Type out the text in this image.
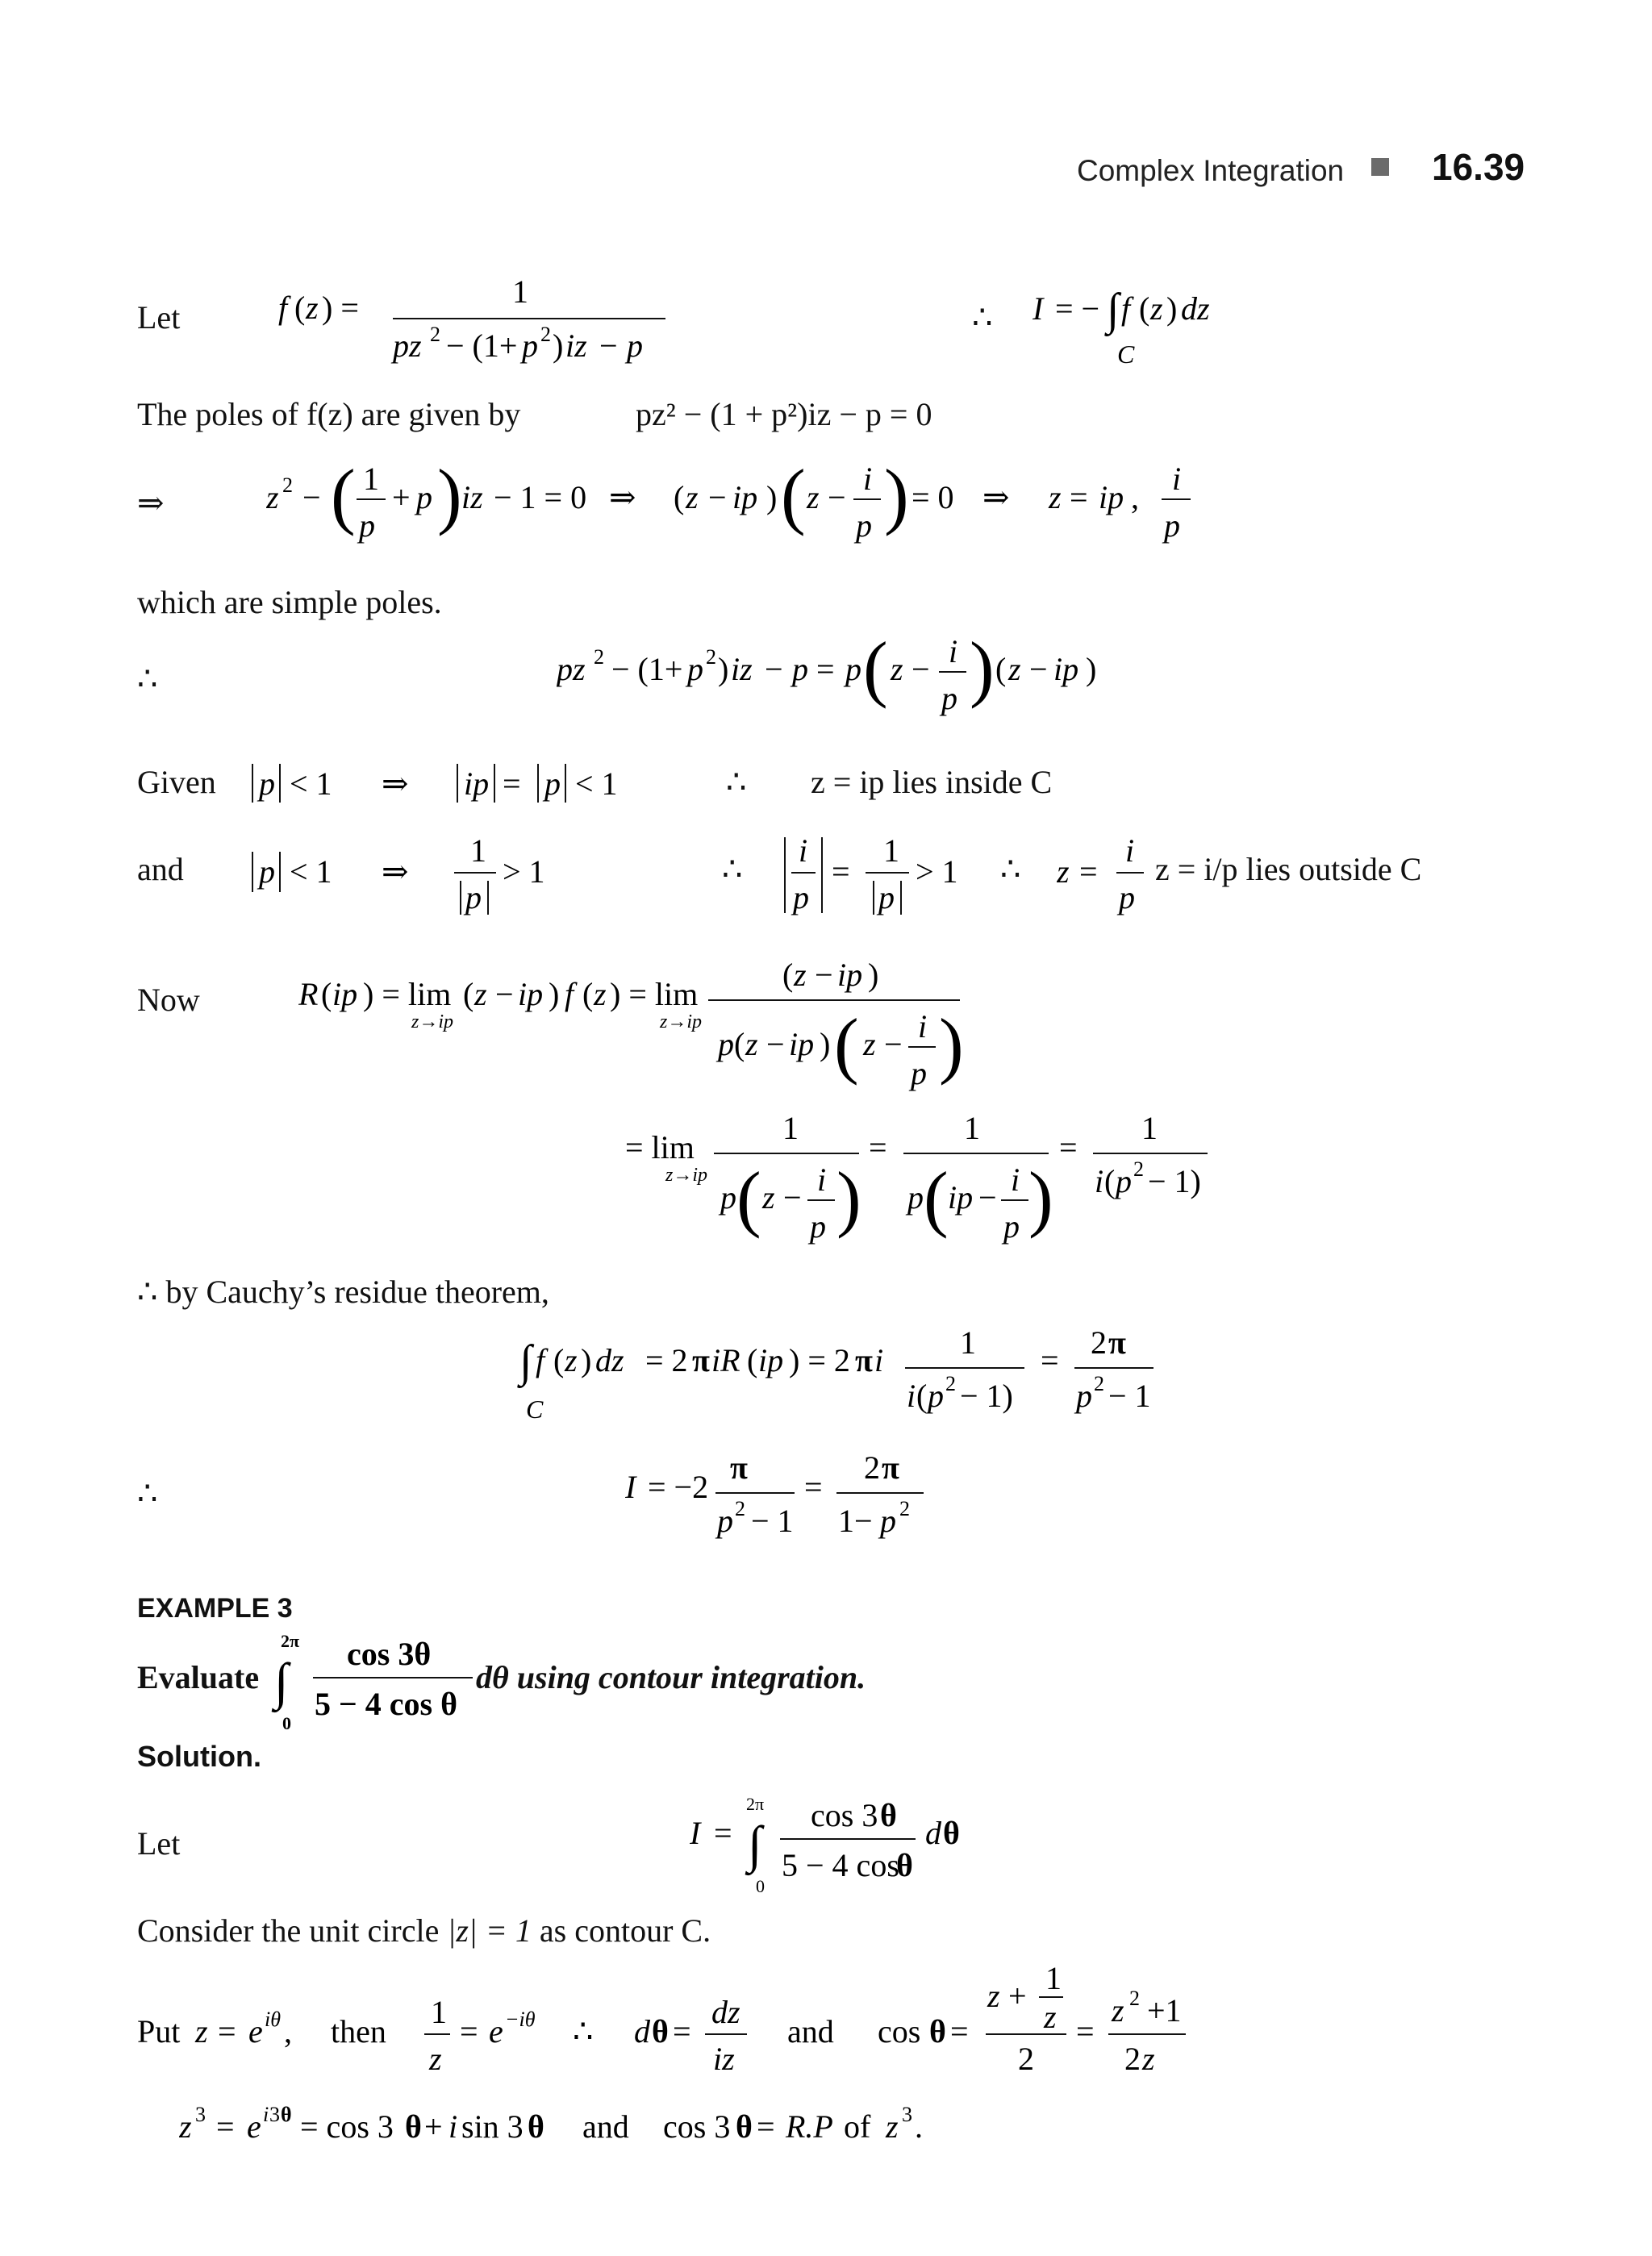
Complex Integration 16.39
Let	f ( z ) =	1
pz 2 − (1+ p 2 ) iz − p
∴ I = − ∫ f ( z ) dz
C
The poles of f(z) are given by	pz² − (1 + p²)iz − p = 0
⇒	z 2 − ( 1
p
+ p ) iz − 1 = 0 ⇒ ( z − ip ) ( z −
i
p ) = 0 ⇒ z = ip ,
i
p
which are simple poles.
∴	pz 2 − (1+ p 2 ) iz − p = p ( z − i
p ) ( z − ip )
Given p < 1 ⇒ ip = p < 1	∴ z = ip lies inside C
and p < 1 ⇒
1
p
> 1	∴
i
p
=
1
p
> 1 ∴ z =
i
p
z = i/p lies outside C
Now	R ( ip ) = lim
z→ip
( z − ip ) f ( z ) = lim
z→ip
( z − ip )
p ( z − ip ) ( z − i
p )
= lim
z→ip
1
p ( z − i
p )
=
1
p ( ip − i
p )
=
1
i ( p 2 − 1)
∴ by Cauchy’s residue theorem,
∫ f ( z ) dz
C
= 2 π iR ( ip ) = 2 π i 1
i ( p 2 − 1)
= 2 π
p 2 − 1
∴	I = −2
π
p 2 − 1
=
2 π
1− p 2
EXAMPLE 3
Evaluate
2π
∫
0
cos 3θ
5 − 4 cos θ
dθ using contour integration.
Solution.
Let	I =
2π
∫
0
cos 3 θ
5 − 4 cos
θ
d θ
Consider the unit circle |z| = 1 as contour C.
Put z = e iθ , then
1
z
= e −iθ ∴ d θ =
dz
iz
and cos θ =
z + 1
z
2
=
z 2 +1
2 z
z 3 = e i 3 θ = cos 3 θ + i sin 3 θ and cos 3 θ = R.P of z 3 .
